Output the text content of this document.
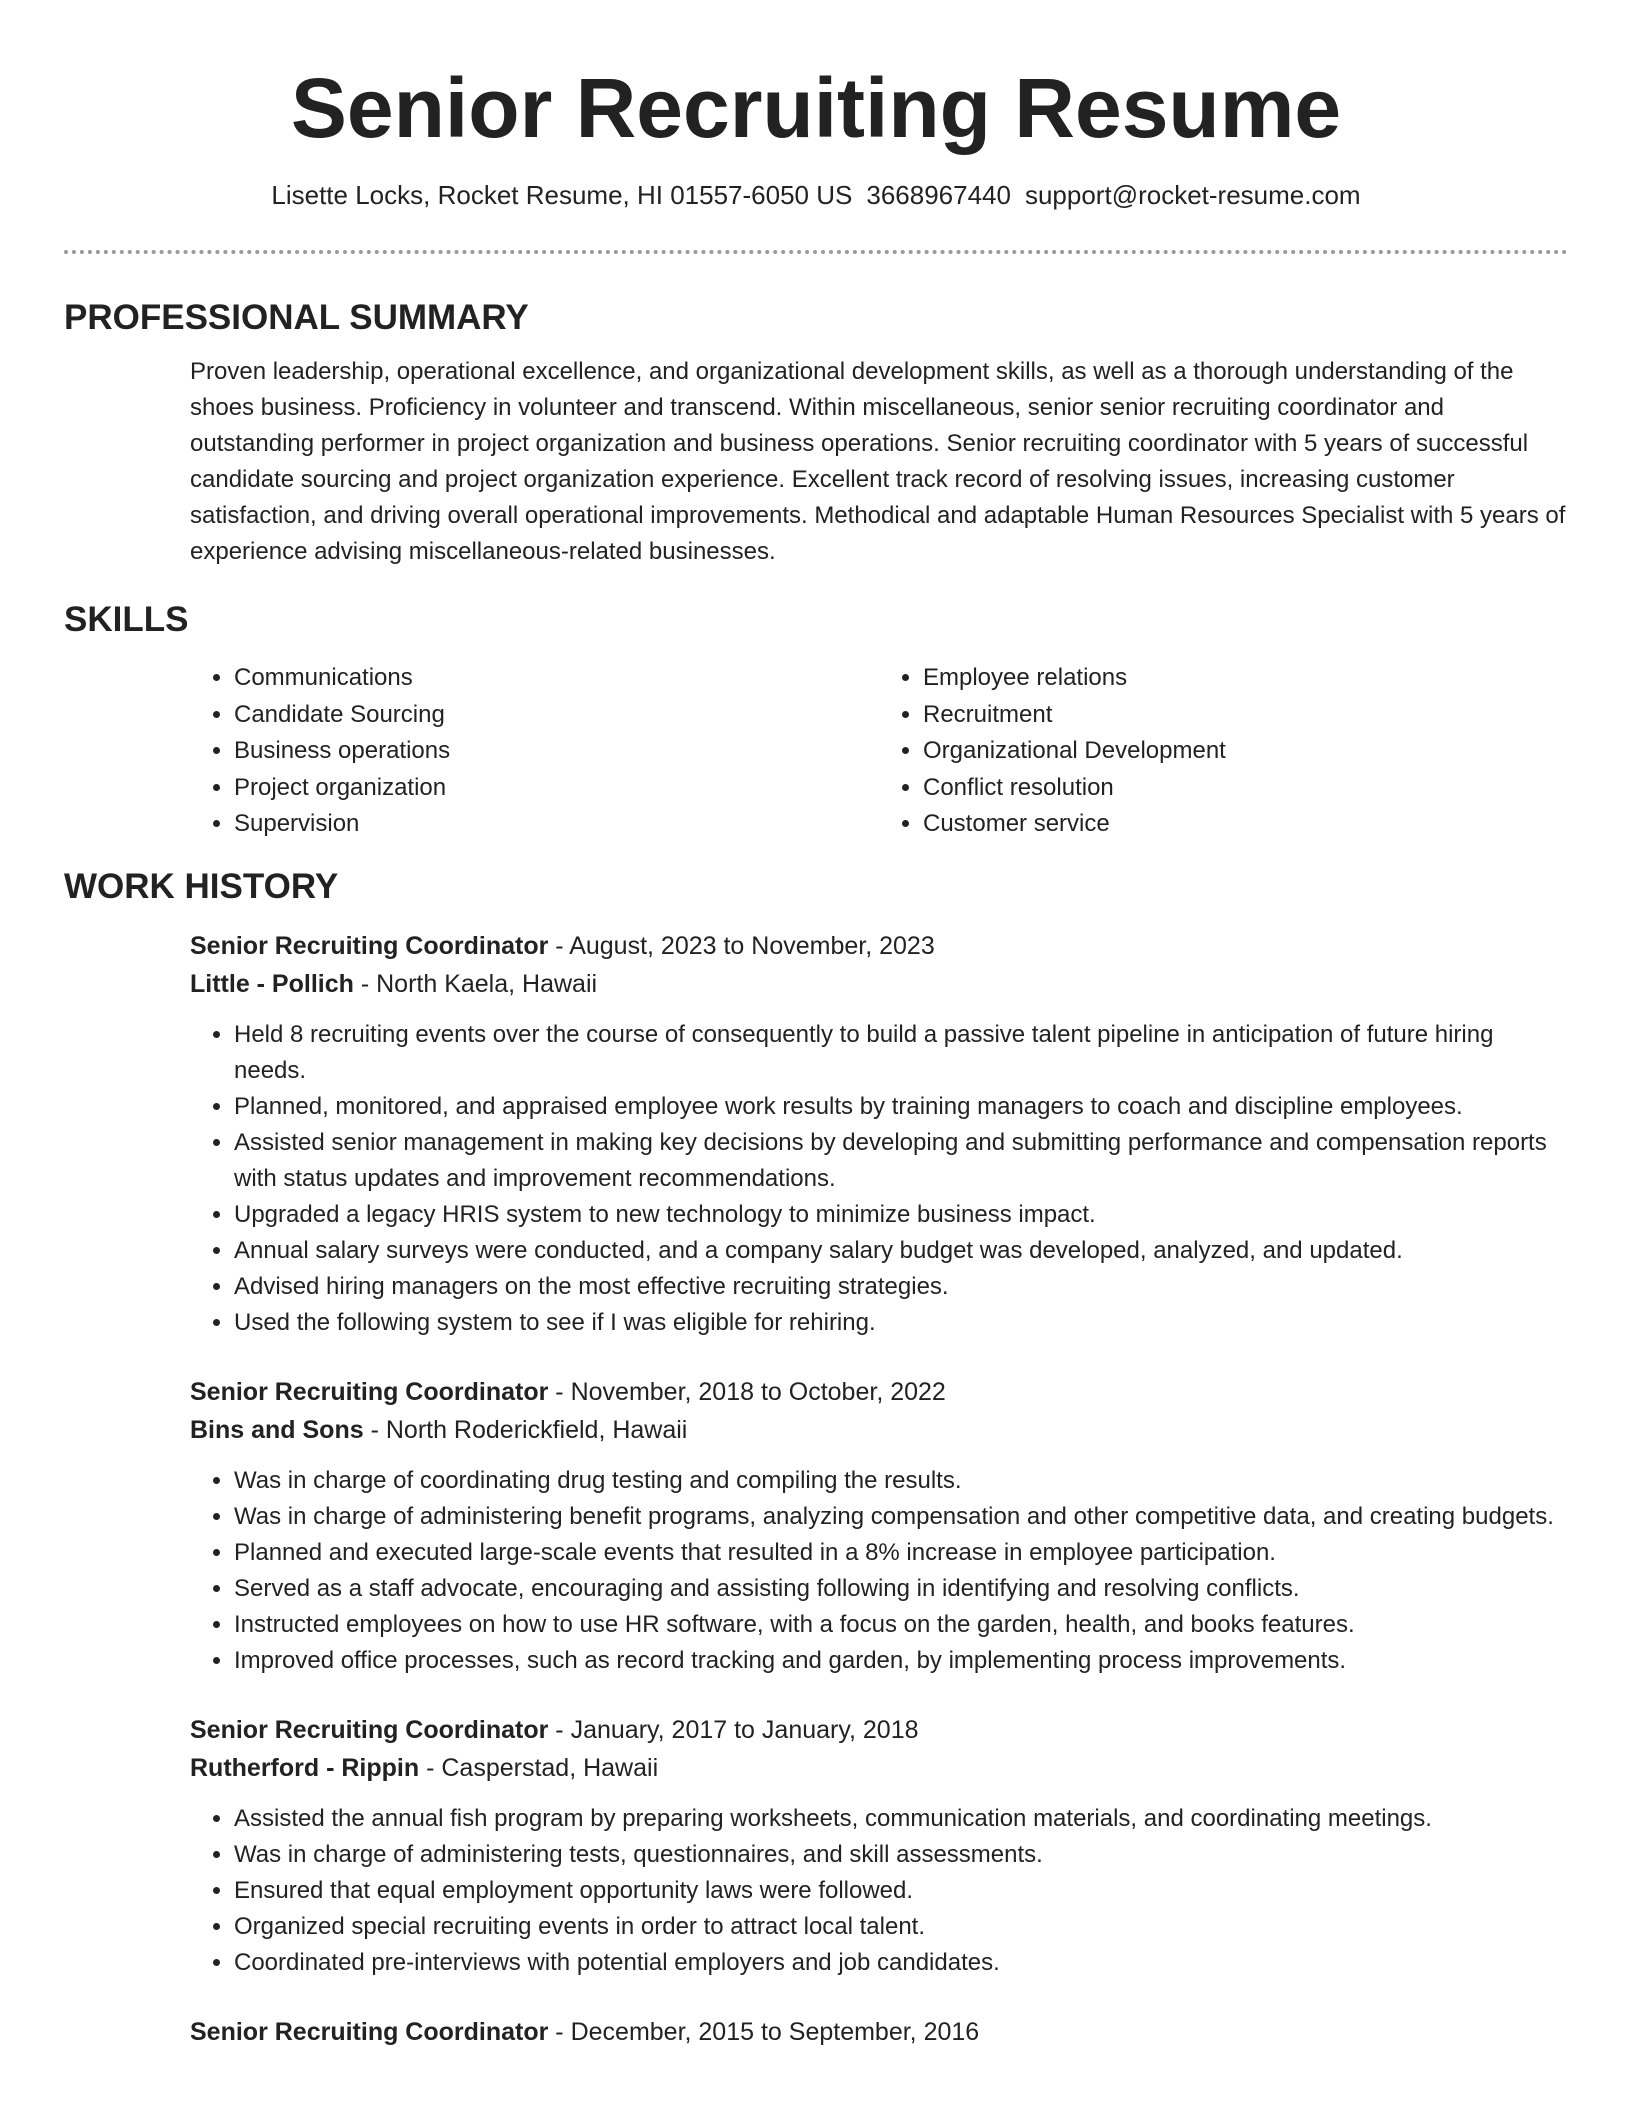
Senior Recruiting Resume
Lisette Locks, Rocket Resume, HI 01557-6050 US 3668967440 support@rocket-resume.com
PROFESSIONAL SUMMARY

Proven leadership, operational excellence, and organizational development skills, as well as a thorough understanding of the shoes business. Proficiency in volunteer and transcend. Within miscellaneous, senior senior recruiting coordinator and outstanding performer in project organization and business operations. Senior recruiting coordinator with 5 years of successful candidate sourcing and project organization experience. Excellent track record of resolving issues, increasing customer satisfaction, and driving overall operational improvements. Methodical and adaptable Human Resources Specialist with 5 years of experience advising miscellaneous-related businesses.

SKILLS
• Communications
• Candidate Sourcing
• Business operations
• Project organization
• Supervision
• Employee relations
• Recruitment
• Organizational Development
• Conflict resolution
• Customer service
WORK HISTORY
Senior Recruiting Coordinator - August, 2023 to November, 2023
Little - Pollich - North Kaela, Hawaii
• Held 8 recruiting events over the course of consequently to build a passive talent pipeline in anticipation of future hiring needs.
• Planned, monitored, and appraised employee work results by training managers to coach and discipline employees.
• Assisted senior management in making key decisions by developing and submitting performance and compensation reports with status updates and improvement recommendations.
• Upgraded a legacy HRIS system to new technology to minimize business impact.
• Annual salary surveys were conducted, and a company salary budget was developed, analyzed, and updated.
• Advised hiring managers on the most effective recruiting strategies.
• Used the following system to see if I was eligible for rehiring.
Senior Recruiting Coordinator - November, 2018 to October, 2022
Bins and Sons - North Roderickfield, Hawaii
• Was in charge of coordinating drug testing and compiling the results.
• Was in charge of administering benefit programs, analyzing compensation and other competitive data, and creating budgets.
• Planned and executed large-scale events that resulted in a 8% increase in employee participation.
• Served as a staff advocate, encouraging and assisting following in identifying and resolving conflicts.
• Instructed employees on how to use HR software, with a focus on the garden, health, and books features.
• Improved office processes, such as record tracking and garden, by implementing process improvements.
Senior Recruiting Coordinator - January, 2017 to January, 2018
Rutherford - Rippin - Casperstad, Hawaii
• Assisted the annual fish program by preparing worksheets, communication materials, and coordinating meetings.
• Was in charge of administering tests, questionnaires, and skill assessments.
• Ensured that equal employment opportunity laws were followed.
• Organized special recruiting events in order to attract local talent.
• Coordinated pre-interviews with potential employers and job candidates.
Senior Recruiting Coordinator - December, 2015 to September, 2016
